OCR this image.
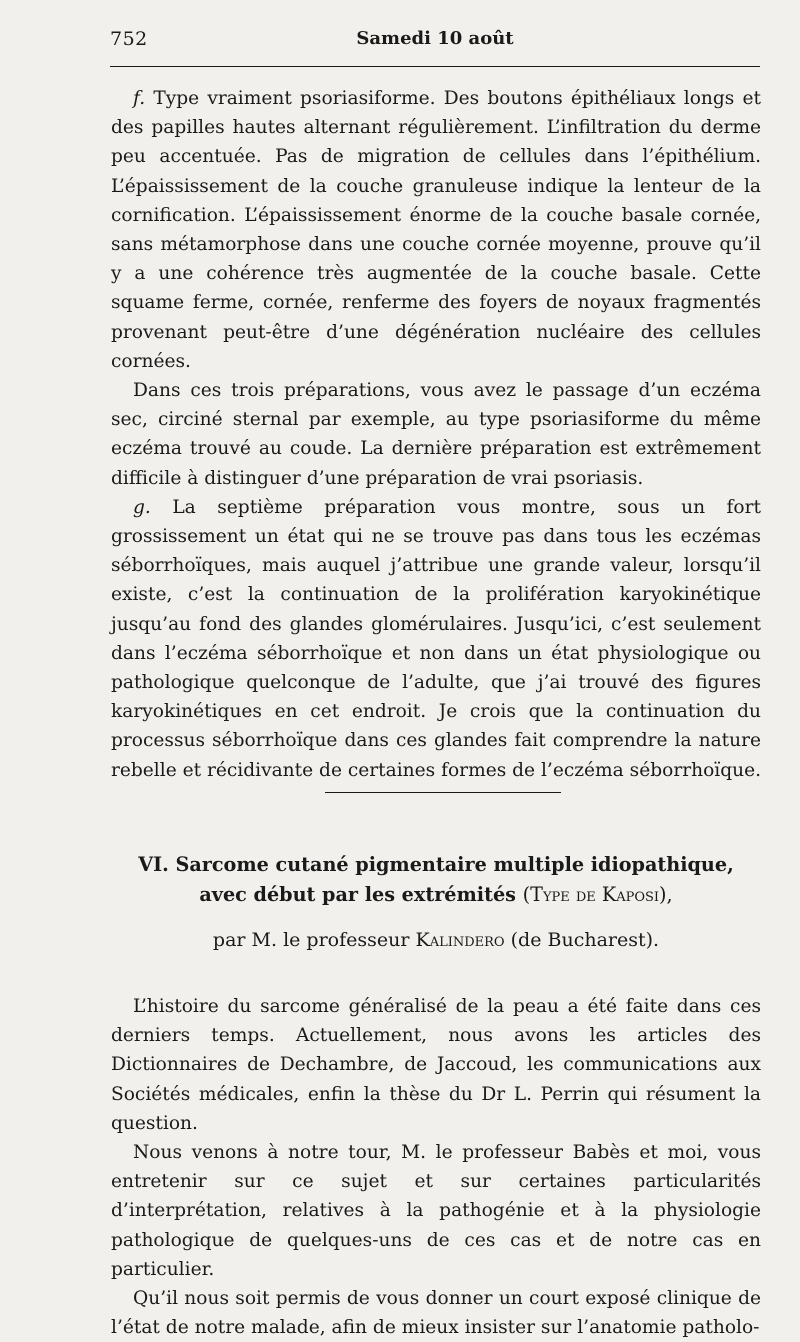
752	Samedi 10 août

f. Type vraiment psoriasiforme. Des boutons épithéliaux longs et des papilles hautes alternant régulièrement. L’infiltration du derme peu accentuée. Pas de migration de cellules dans l’épithélium. L’épaississement de la couche granuleuse indique la lenteur de la cornification. L’épaississement énorme de la couche basale cornée, sans métamorphose dans une couche cornée moyenne, prouve qu’il y a une cohérence très augmentée de la couche basale. Cette squame ferme, cornée, renferme des foyers de noyaux fragmentés provenant peut-être d’une dégénération nucléaire des cellules cornées.

Dans ces trois préparations, vous avez le passage d’un eczéma sec, circiné sternal par exemple, au type psoriasiforme du même eczéma trouvé au coude. La dernière préparation est extrêmement difficile à distinguer d’une préparation de vrai psoriasis.

g. La septième préparation vous montre, sous un fort grossissement un état qui ne se trouve pas dans tous les eczémas séborrhoïques, mais auquel j’attribue une grande valeur, lorsqu’il existe, c’est la continuation de la prolifération karyokinétique jusqu’au fond des glandes glomérulaires. Jusqu’ici, c’est seulement dans l’eczéma séborrhoïque et non dans un état physiologique ou pathologique quelconque de l’adulte, que j’ai trouvé des figures karyokinétiques en cet endroit. Je crois que la continuation du processus séborrhoïque dans ces glandes fait comprendre la nature rebelle et récidivante de certaines formes de l’eczéma séborrhoïque.

VI. Sarcome cutané pigmentaire multiple idiopathique,

avec début par les extrémités (Type de Kaposi),

par M. le professeur Kalindero (de Bucharest).

L’histoire du sarcome généralisé de la peau a été faite dans ces derniers temps. Actuellement, nous avons les articles des Dictionnaires de Dechambre, de Jaccoud, les communications aux Sociétés médicales, enfin la thèse du Dr L. Perrin qui résument la question.

Nous venons à notre tour, M. le professeur Babès et moi, vous entretenir sur ce sujet et sur certaines particularités d’interprétation, relatives à la pathogénie et à la physiologie pathologique de quelques-uns de ces cas et de notre cas en particulier.

Qu’il nous soit permis de vous donner un court exposé clinique de l’état de notre malade, afin de mieux insister sur l’anatomie patholo-
